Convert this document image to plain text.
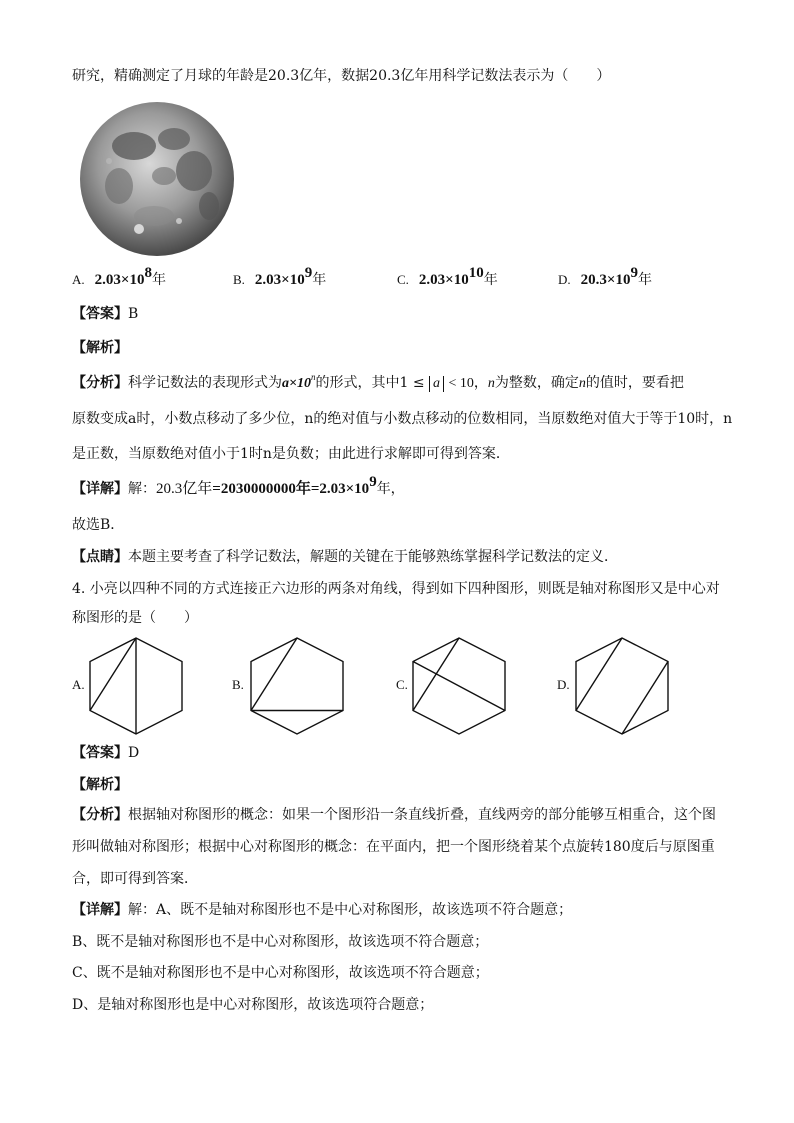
研究，精确测定了月球的年龄是20.3亿年，数据20.3亿年用科学记数法表示为（　　）
A. $2.03\times 10^8$年	B. $2.03\times 10^9$年	C. $2.03\times 10^{10}$年	D. $20.3\times 10^9$年
【答案】B
【解析】
【分析】科学记数法的表现形式为$a\times 10^n$的形式，其中1 ≤ a < 10，n为整数，确定n的值时，要看把
原数变成a时，小数点移动了多少位，n的绝对值与小数点移动的位数相同，当原数绝对值大于等于10时，n
是正数，当原数绝对值小于1时n是负数；由此进行求解即可得到答案．
【详解】解：20.3亿年=2030000000年$=2.03\times 10^9$年，
故选B．
【点睛】本题主要考查了科学记数法，解题的关键在于能够熟练掌握科学记数法的定义．
4. 小亮以四种不同的方式连接正六边形的两条对角线，得到如下四种图形，则既是轴对称图形又是中心对
称图形的是（　　）
A.	B.	C.	D.
【答案】D
【解析】
【分析】根据轴对称图形的概念：如果一个图形沿一条直线折叠，直线两旁的部分能够互相重合，这个图
形叫做轴对称图形；根据中心对称图形的概念：在平面内，把一个图形绕着某个点旋转180度后与原图重
合，即可得到答案．
【详解】解：A、既不是轴对称图形也不是中心对称图形，故该选项不符合题意；
B、既不是轴对称图形也不是中心对称图形，故该选项不符合题意；
C、既不是轴对称图形也不是中心对称图形，故该选项不符合题意；
D、是轴对称图形也是中心对称图形，故该选项符合题意；
